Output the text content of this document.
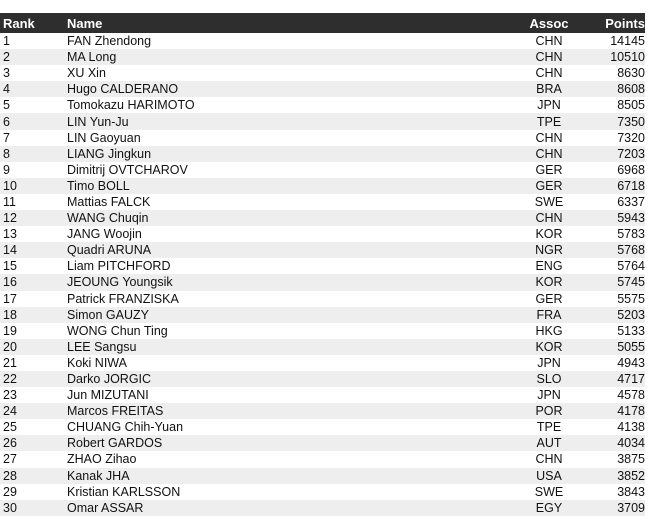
Rank	Name	Assoc	Points
1	FAN Zhendong	CHN	14145
2	MA Long	CHN	10510
3	XU Xin	CHN	8630
4	Hugo CALDERANO	BRA	8608
5	Tomokazu HARIMOTO	JPN	8505
6	LIN Yun-Ju	TPE	7350
7	LIN Gaoyuan	CHN	7320
8	LIANG Jingkun	CHN	7203
9	Dimitrij OVTCHAROV	GER	6968
10	Timo BOLL	GER	6718
11	Mattias FALCK	SWE	6337
12	WANG Chuqin	CHN	5943
13	JANG Woojin	KOR	5783
14	Quadri ARUNA	NGR	5768
15	Liam PITCHFORD	ENG	5764
16	JEOUNG Youngsik	KOR	5745
17	Patrick FRANZISKA	GER	5575
18	Simon GAUZY	FRA	5203
19	WONG Chun Ting	HKG	5133
20	LEE Sangsu	KOR	5055
21	Koki NIWA	JPN	4943
22	Darko JORGIC	SLO	4717
23	Jun MIZUTANI	JPN	4578
24	Marcos FREITAS	POR	4178
25	CHUANG Chih-Yuan	TPE	4138
26	Robert GARDOS	AUT	4034
27	ZHAO Zihao	CHN	3875
28	Kanak JHA	USA	3852
29	Kristian KARLSSON	SWE	3843
30	Omar ASSAR	EGY	3709
